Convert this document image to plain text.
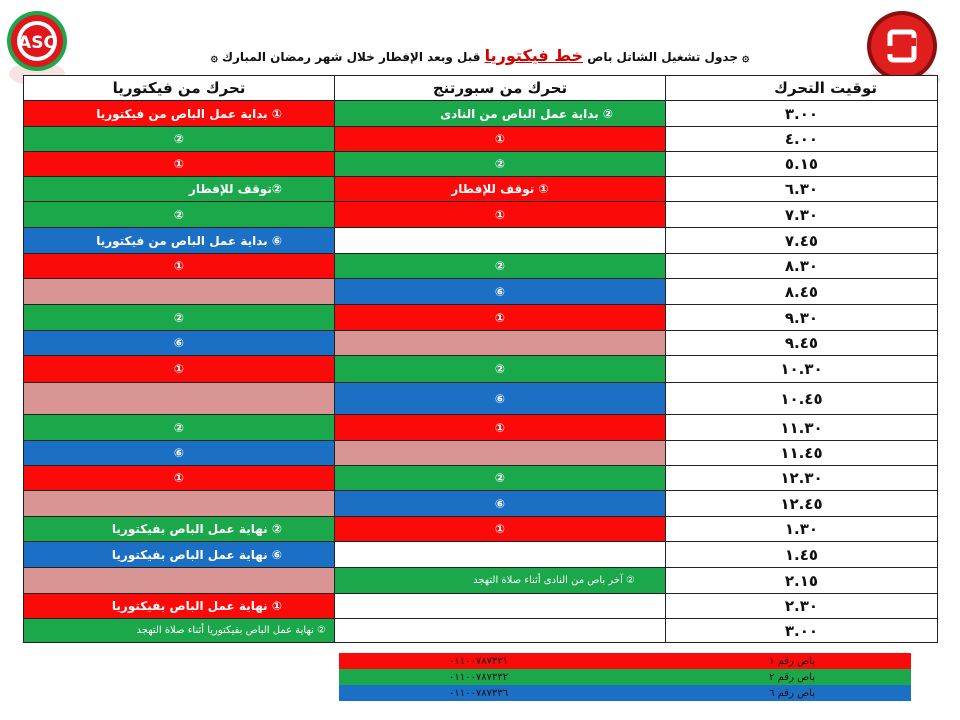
ASC
۞ جدول تشغيل الشاتل باص خط فيكتوريا قبل وبعد الإفطار خلال شهر رمضان المبارك ۞
توقيت التحرك	تحرك من سبورتنج	تحرك من فيكتوريا
٣.٠٠	② بداية عمل الباص من النادى	① بداية عمل الباص من فيكتوريا
٤.٠٠	①	②
٥.١٥	②	①
٦.٣٠	① توقف للإفطار	②توقف للإفطار
٧.٣٠	①	②
٧.٤٥		⑥ بداية عمل الباص من فيكتوريا
٨.٣٠	②	①
٨.٤٥	⑥	
٩.٣٠	①	②
٩.٤٥		⑥
١٠.٣٠	②	①
١٠.٤٥	⑥	
١١.٣٠	①	②
١١.٤٥		⑥
١٢.٣٠	②	①
١٢.٤٥	⑥	
١.٣٠	①	② نهاية عمل الباص بفيكتوريا
١.٤٥		⑥ نهاية عمل الباص بفيكتوريا
٢.١٥	② آخر باص من النادى أثناء صلاة التهجد	
٢.٣٠		① نهاية عمل الباص بفيكتوريا
٣.٠٠		② نهاية عمل الباص بفيكتوريا أثناء صلاة التهجد
باص رقم ١	٠١١٠٠٧٨٧٣٣١
باص رقم ٢	٠١١٠٠٧٨٧٣٣٢
باص رقم ٦	٠١١٠٠٧٨٧٣٣٦
